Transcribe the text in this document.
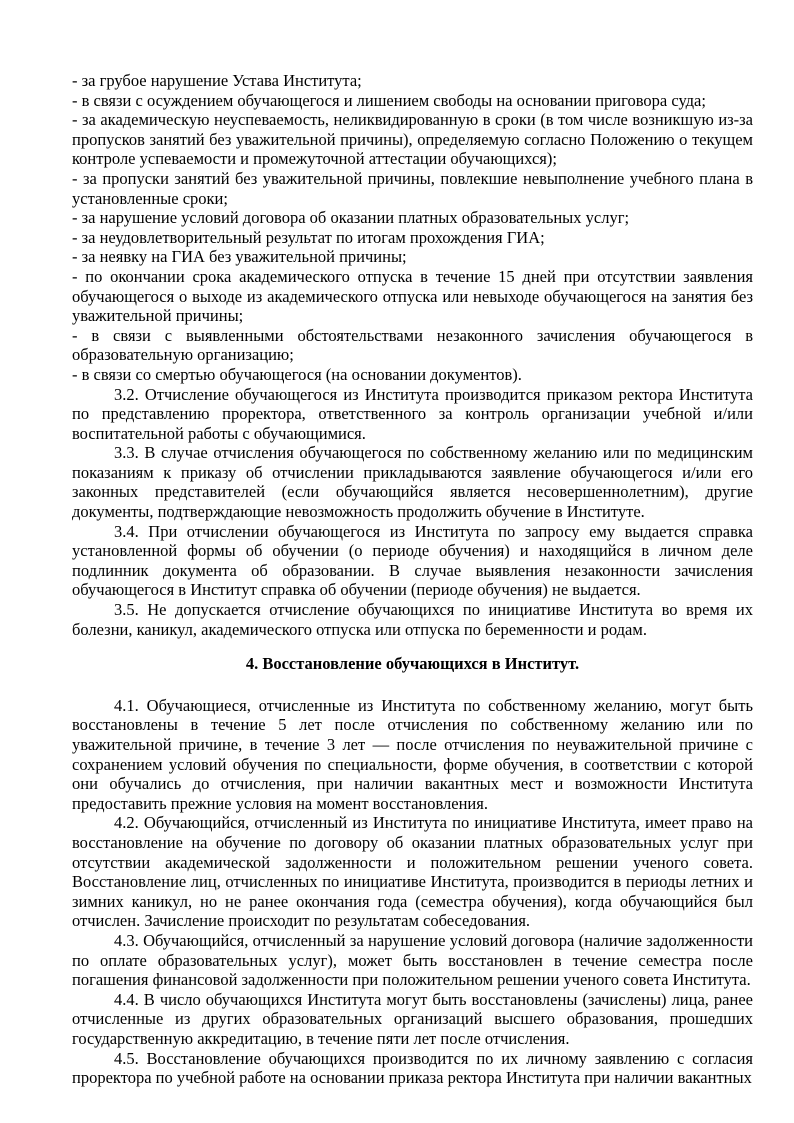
- за грубое нарушение Устава Института;

- в связи с осуждением обучающегося и лишением свободы на основании приговора суда;

- за академическую неуспеваемость, неликвидированную в сроки (в том числе возникшую из-за пропусков занятий без уважительной причины), определяемую согласно Положению о текущем контроле успеваемости и промежуточной аттестации обучающихся);

- за пропуски занятий без уважительной причины, повлекшие невыполнение учебного плана в установленные сроки;

- за нарушение условий договора об оказании платных образовательных услуг;

- за неудовлетворительный результат по итогам прохождения ГИА;

- за неявку на ГИА без уважительной причины;

- по окончании срока академического отпуска в течение 15 дней при отсутствии заявления обучающегося о выходе из академического отпуска или невыходе обучающегося на занятия без уважительной причины;

- в связи с выявленными обстоятельствами незаконного зачисления обучающегося в образовательную организацию;

- в связи со смертью обучающегося (на основании документов).

3.2. Отчисление обучающегося из Института производится приказом ректора Института по представлению проректора, ответственного за контроль организации учебной и/или воспитательной работы с обучающимися.

3.3. В случае отчисления обучающегося по собственному желанию или по медицинским показаниям к приказу об отчислении прикладываются заявление обучающегося и/или его законных представителей (если обучающийся является несовершеннолетним), другие документы, подтверждающие невозможность продолжить обучение в Институте.

3.4. При отчислении обучающегося из Института по запросу ему выдается справка установленной формы об обучении (о периоде обучения) и находящийся в личном деле подлинник документа об образовании. В случае выявления незаконности зачисления обучающегося в Институт справка об обучении (периоде обучения) не выдается.

3.5. Не допускается отчисление обучающихся по инициативе Института во время их болезни, каникул, академического отпуска или отпуска по беременности и родам.

4. Восстановление обучающихся в Институт.

4.1. Обучающиеся, отчисленные из Института по собственному желанию, могут быть восстановлены в течение 5 лет после отчисления по собственному желанию или по уважительной причине, в течение 3 лет — после отчисления по неуважительной причине с сохранением условий обучения по специальности, форме обучения, в соответствии с которой они обучались до отчисления, при наличии вакантных мест и возможности Института предоставить прежние условия на момент восстановления.

4.2. Обучающийся, отчисленный из Института по инициативе Института, имеет право на восстановление на обучение по договору об оказании платных образовательных услуг при отсутствии академической задолженности и положительном решении ученого совета. Восстановление лиц, отчисленных по инициативе Института, производится в периоды летних и зимних каникул, но не ранее окончания года (семестра обучения), когда обучающийся был отчислен. Зачисление происходит по результатам собеседования.

4.3. Обучающийся, отчисленный за нарушение условий договора (наличие задолженности по оплате образовательных услуг), может быть восстановлен в течение семестра после погашения финансовой задолженности при положительном решении ученого совета Института.

4.4. В число обучающихся Института могут быть восстановлены (зачислены) лица, ранее отчисленные из других образовательных организаций высшего образования, прошедших государственную аккредитацию, в течение пяти лет после отчисления.

4.5. Восстановление обучающихся производится по их личному заявлению с согласия проректора по учебной работе на основании приказа ректора Института при наличии вакантных
